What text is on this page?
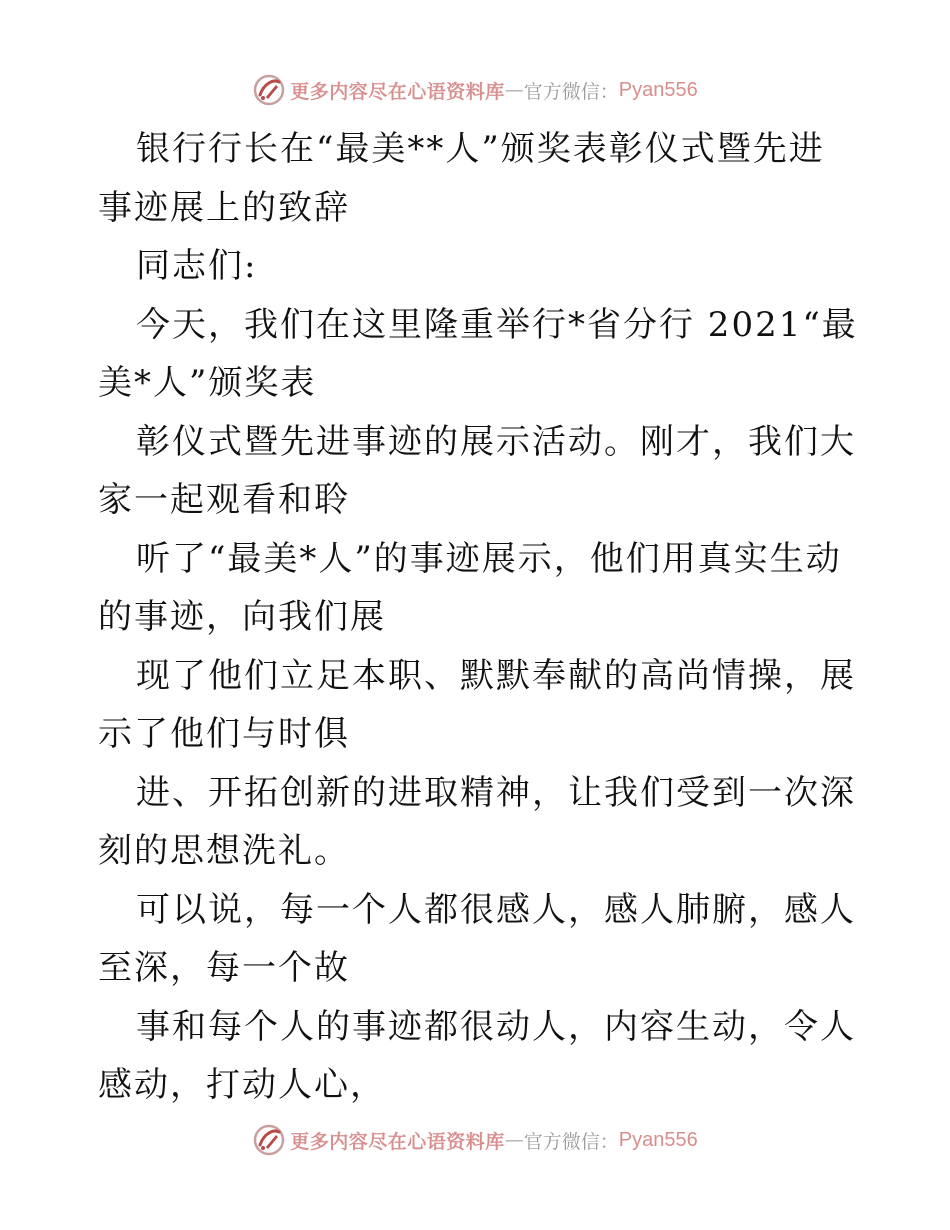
更多内容尽在心语资料库 — 官方微信： Pyan556

银行行长在“最美**人”颁奖表彰仪式暨先进事迹展上的致辞

同志们:

今天，我们在这里隆重举行*省分行 2021“最美*人”颁奖表

彰仪式暨先进事迹的展示活动。刚才，我们大家一起观看和聆

听了“最美*人”的事迹展示，他们用真实生动的事迹，向我们展

现了他们立足本职、默默奉献的高尚情操，展示了他们与时俱

进、开拓创新的进取精神，让我们受到一次深刻的思想洗礼。

可以说，每一个人都很感人，感人肺腑，感人至深，每一个故

事和每个人的事迹都很动人，内容生动，令人感动，打动人心，

更多内容尽在心语资料库 — 官方微信： Pyan556
